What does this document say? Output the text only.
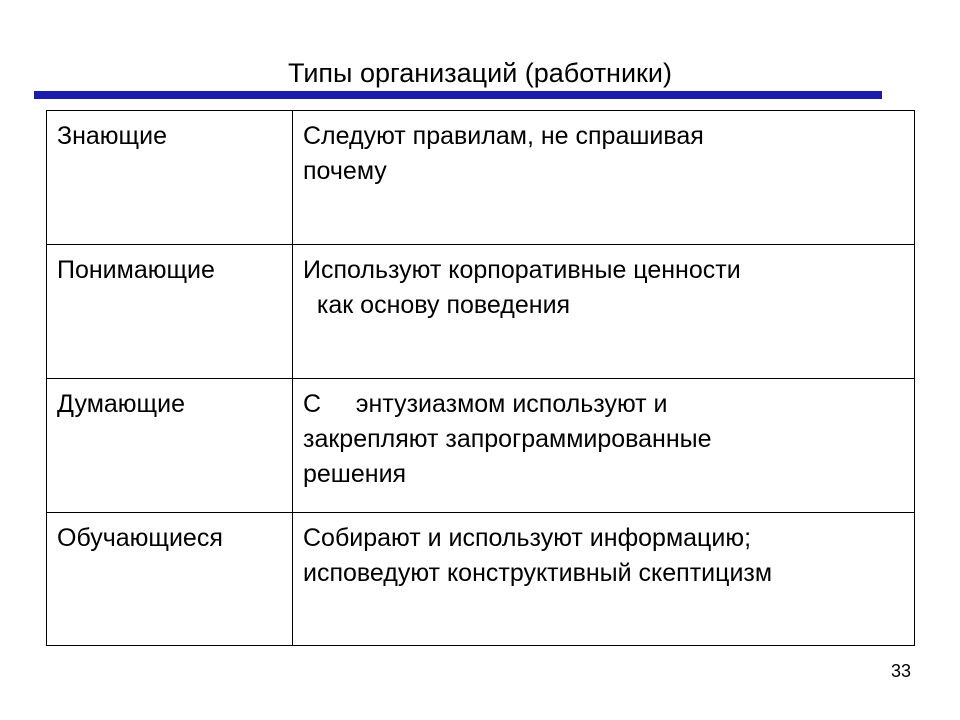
Типы организаций (работники)
Знающие	Следуют правилам, не спрашивая
почему

Понимающие	Используют корпоративные ценности
как основу поведения

Думающие	С     энтузиазмом используют и
закрепляют запрограммированные
решения

Обучающиеся	Собирают и используют информацию;
исповедуют конструктивный скептицизм
33
